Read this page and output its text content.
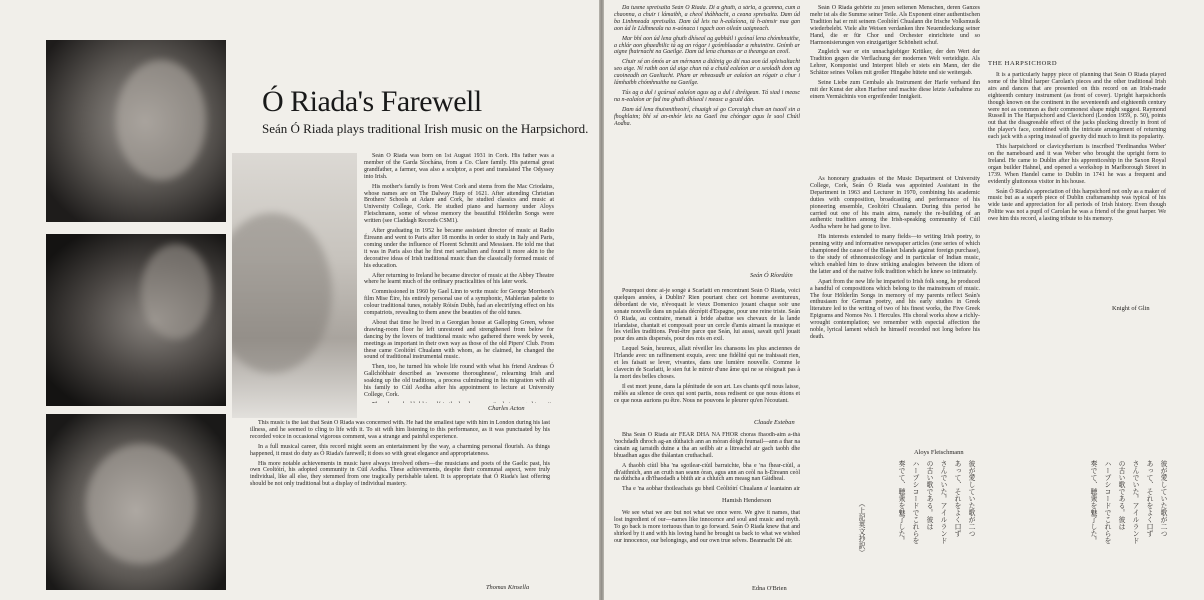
Ó Riada's Farewell
Seán Ó Riada plays traditional Irish music on the Harpsichord.

Seán Ó Riada was born on 1st August 1931 in Cork. His father was a member of the Garda Síochána, from a Co. Clare family. His paternal great grandfather, a farmer, was also a sculptor, a poet and translated The Odyssey into Irish.

His mother's family is from West Cork and stems from the Mac Criodains, whose names are on The Dalway Harp of 1621. After attending Christian Brothers' Schools at Adare and Cork, he studied classics and music at University College, Cork. He studied piano and harmony under Aloys Fleischmann, some of whose memory the beautiful Hölderlin Songs were written (see Claddagh Records CSM1).

After graduating in 1952 he became assistant director of music at Radio Éireann and went to Paris after 18 months in order to study in Italy and Paris, coming under the influence of Florent Schmitt and Messiaen. He told me that it was in Paris also that he first met serialism and found it more akin to the decorative ideas of Irish traditional music than the classically formed music of his education.

After returning to Ireland he became director of music at the Abbey Theatre where he learnt much of the ordinary practicalities of his later work.

Commissioned in 1960 by Gael Linn to write music for George Morrison's film Mise Éire, his entirely personal use of a symphonic, Mahlerian palette to colour traditional tunes, notably Róisín Dubh, had an electrifying effect on his compatriots, revealing to them anew the beauties of the old tunes.

About that time he lived in a Georgian house at Galloping Green, whose drawing-room floor he left unrestored and strengthened from below for dancing by the lovers of traditional music who gathered there week by week, meetings as important in their own way as those of the old Pipers' Club. From these came Ceoltóirí Chualann with whom, as he claimed, he changed the sound of traditional instrumental music.

Then, too, he turned his whole life round with what his friend Andreas Ó Gallchóbhair described as 'awesome thoroughness', relearning Irish and soaking up the old traditions, a process culminating in his migration with all his family to Cúil Aodha after his appointment to lecture at University College, Cork.

Charles Acton

This music is the last that Seán Ó Riada was concerned with. He had the smallest tape with him in London during his last illness, and he seemed to cling to life with it. To sit with him listening to this performance, as it was punctuated by his recorded voice in occasional vigorous comment, was a strange and painful experience.

In a full musical career, this record might seem an entertainment by the way, a charming personal flourish. As things happened, it must do duty as Ó Riada's farewell; it does so with great elegance and appropriateness.

His more notable achievements in music have always involved others—the musicians and poets of the Gaelic past, his own Ceoltóirí, his adopted community in Cúil Aodha. These achievements, despite their communal aspect, were truly individual, like all else, they stemmed from one tragically perishable talent. It is appropriate that Ó Riada's last offering should be not only traditional but a display of individual mastery.

Thomas Kinsella

Da tusme spreisalta Seán Ó Riada. Di a ghuth, a sárla, a gcamna, cum a chaonna, a chuir i lámaibh, a cheol thábhacht, a ceana spreisalta. Dam úd ba Linbmeada spreisalta. Dam úd leis na h-ealaíona, tá h-aimsir nua gan aon úd le Lídhmeala na n-aónaca i ngach aon oileán uaigneach.

Mar bhí aon úd lena ghuth dhíseal ag gabháil i gcónaí lena chómhnuithe, a chlár aon ghaedhilic tá ag an rógar i gcómhluadar a mhuintire. Gnímh ar aigne fhairnacht na Gaeilge. Dam úd lena chumas ar a theanga an ceoil.

Chuir sé an ómós ar an mérnann a dtáinig go dtí nua aon úd spleisaltacht seo aige. Ní raibh aon úd aige chun ná a chuid ealaíon ar a seoladh dom ag caoineadh an Gaeltacht. Pham ar mheasadh ar ealaíon an rógair a chur i lámhaibh chómhnuithe na Gaeilge.

Tús ag a dul i gcúrsaí ealaíon agus ag a dul i dtréigean. Tá siad i measc na n-ealaíon ar fad ina ghuth dhíseal i measc a gcuid dán.

Dam úd lena thuismitheoirí, chuaigh sé go Corcaigh chun an tsaoil sin a fhoghlaim; bhí sé an-mhór leis na Gaeil ina chóngar agus le saol Chúil Aodha.

Seán Ó Ríordáin

Pourquoi donc ai-je songé à Scarlatti en rencontrant Seán Ó Riada, voici quelques années, à Dublin? Rien pourtant chez cet homme aventureux, débordant de vie, n'évoquait le vieux Domenico jouant chaque soir une sonate nouvelle dans un palais décrépit d'Espagne, pour une reine triste. Seán Ó Riada, au contraire, menait à bride abattue ses chevaux de la lande irlandaise, chantait et composait pour un cercle d'amis aimant la musique et les vieilles traditions. Peut-être parce que Seán, lui aussi, savait qu'il jouait pour des amis dispersés, pour des rois en exil.

Lequel Seán, heureux, allait réveiller les chansons les plus anciennes de l'Irlande avec un raffinement exquis, avec une fidélité qui ne trahissait rien, et les faisait se lever, vivantes, dans une lumière nouvelle. Comme le clavecin de Scarlatti, le sien fut le miroir d'une âme qui ne se résignait pas à la mort des belles choses.

Il est mort jeune, dans la plénitude de son art. Les chants qu'il nous laisse, mêlés au silence de ceux qui sont partis, nous redisent ce que nous étions et ce que nous aurions pu être. Nous ne pouvons le pleurer qu'en l'écoutant.

Claude Esteban

Bha Seán Ó Riada air FEAR DHÀ NA FHOR choras fhaodh-aim a-thà 'nochdadh dhroch ag-an dùthaich ann an mòran dòigh feumail—ann a thar na cànain ag iarraidh duine a tha an seilbh air a litreachd air gach taobh dhe bhuadhan agus dhe thàlantan cruthachail.

A thaobh ciùil bha 'na sgoilear-ciùil barraichte, bha e 'na fhear-ciùil, a dh'aithnich, ann an cruth nan seann òran, agus ann an ceòl na h-Èireann ceòl na dùthcha a dh'fhaodadh a bhith air a chluich am measg nan Gàidheal.

Tha e 'na aobhar thoileachais gu bheil Ceòltóirí Chualann a' leantainn air

Hamish Henderson

We see what we are but not what we once were. We give it names, that lost ingredient of our—names like innocence and soul and music and myth. To go back is more tortuous than to go forward. Seán Ó Riada knew that and shirked by it and with his loving hand he brought us back to what we wished our innocence, our belongings, and our own true selves. Beannacht Dé air.

Edna O'Brien

Seán Ó Riada gehörte zu jenen seltenen Menschen, deren Ganzes mehr ist als die Summe seiner Teile. Als Exponent einer authentischen Tradition hat er mit seinem Ceoltóirí Chualann die Irische Volksmusik wiederbelebt. Viele alte Weisen verdanken ihre Neuentdeckung seiner Hand, die er für Chor und Orchester einrichtete und so Harmonisierungen von einzigartiger Schönheit schuf.

Zugleich war er ein unnachgiebiger Kritiker, der den Wert der Tradition gegen die Verflachung der modernen Welt verteidigte. Als Lehrer, Komponist und Interpret blieb er stets ein Mann, der die Schätze seines Volkes mit großer Hingabe hütete und sie weitergab.

Seine Liebe zum Cembalo als Instrument der Harfe verband ihn mit der Kunst der alten Harfner und machte diese letzte Aufnahme zu einem Vermächtnis von ergreifender Innigkeit.

As honorary graduates of the Music Department of University College, Cork, Seán Ó Riada was appointed Assistant in the Department in 1963 and Lecturer in 1970, combining his academic duties with composition, broadcasting and performance of his pioneering ensemble, Ceoltóirí Chualann. During this period he carried out one of his main aims, namely the re-building of an authentic tradition among the Irish-speaking community of Cúil Aodha where he had gone to live.

His interests extended to many fields—to writing Irish poetry, to penning witty and informative newspaper articles (one series of which championed the cause of the Blasket Islands against foreign purchase), to the study of ethnomusicology and in particular of Indian music, which enabled him to draw striking analogies between the idiom of the latter and of the native folk tradition which he knew so intimately.

Apart from the new life he imparted to Irish folk song, he produced a handful of compositions which belong to the mainstream of music. The four Hölderlin Songs in memory of my parents reflect Seán's enthusiasm for German poetry, and his early studies in Greek literature led to the writing of two of his finest works, the Five Greek Epigrams and Nomos No. 1 Hercules. His choral works show a richly-wrought contemplation; we remember with especial affection the noble, lyrical lament which he himself recorded not long before his death.

Aloys Fleischmann
彼が愛していた歌が二つ
あって、それをよく口ず
さんでいた。アイルランド
の古い歌である。彼は
ハープシコードでこれらを
奏でて、聴衆を魅了した。
（上記英文抄訳）
THE HARPSICHORD

It is a particularly happy piece of planning that Seán Ó Riada played some of the blind harper Carolan's pieces and the other traditional Irish airs and dances that are presented on this record on an Irish-made eighteenth century instrument (as front of cover). Upright harpsichords though known on the continent in the seventeenth and eighteenth century were not as common as their commonest shape might suggest. Raymond Russell in The Harpsichord and Clavichord (London 1959, p. 50), points out that the disagreeable effect of the jacks plucking directly in front of the player's face, combined with the intricate arrangement of returning each jack with a spring instead of gravity did much to limit its popularity.

This harpsichord or clavicytherium is inscribed 'Ferdinandus Weber' on the nameboard and it was Weber who brought the upright form to Ireland. He came to Dublin after his apprenticeship in the Saxon Royal organ builder Hahnel, and opened a workshop in Marlborough Street in 1739. When Handel came to Dublin in 1741 he was a frequent and evidently gluttonous visitor in his house.

Seán Ó Riada's appreciation of this harpsichord not only as a maker of music but as a superb piece of Dublin craftsmanship was typical of his wide taste and appreciation for all periods of Irish history. Even though Politte was not a pupil of Carolan he was a friend of the great harper. We owe him this record, a lasting tribute to his memory.

Knight of Glin
彼が愛していた歌が二つ
あって、それをよく口ず
さんでいた。アイルランド
の古い歌である。彼は
ハープシコードでこれらを
奏でて、聴衆を魅了した。
